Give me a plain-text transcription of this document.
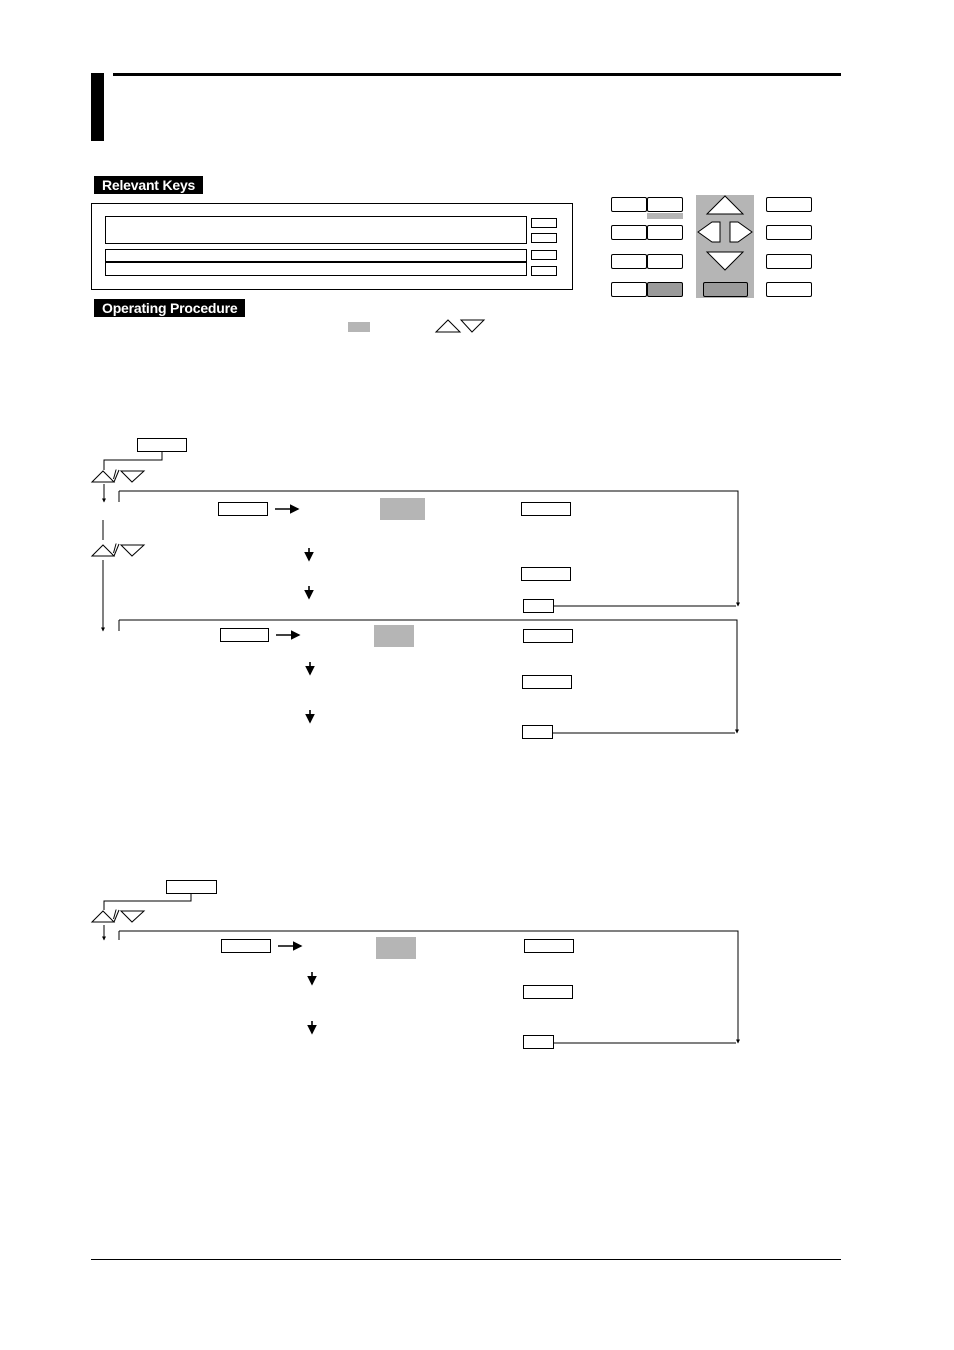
Relevant Keys
Operating Procedure
/
/
/
